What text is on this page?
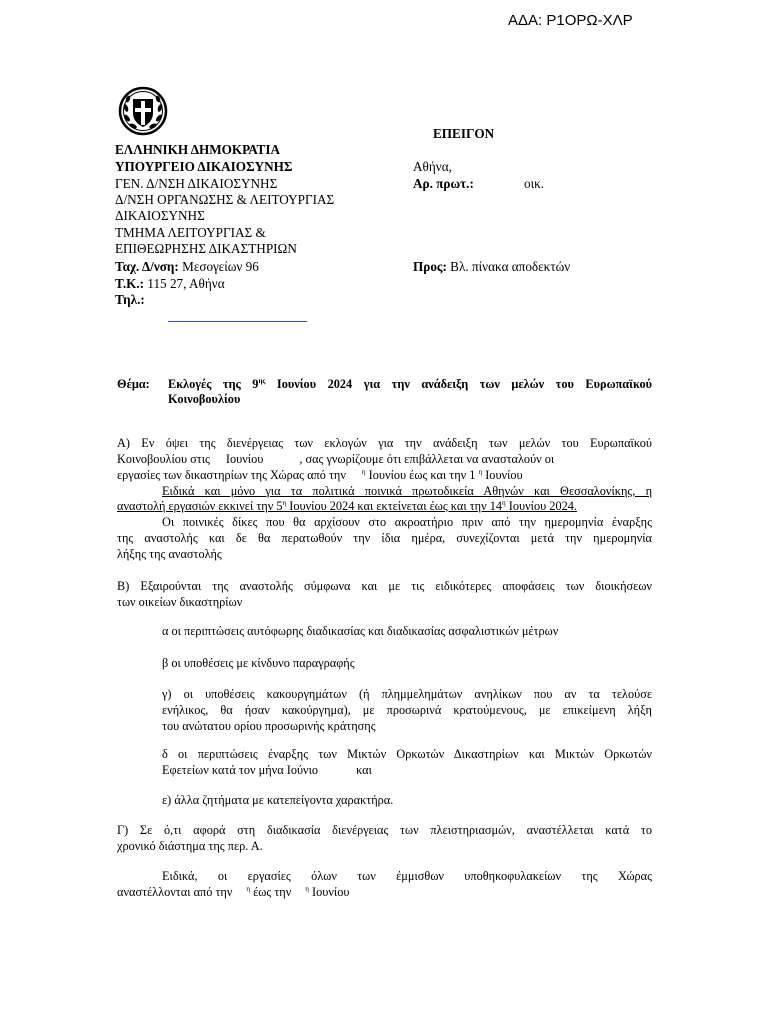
ΑΔΑ: Ρ1ΟΡΩ-ΧΛΡ
ΕΠΕΙΓΟΝ
Αθήνα,
Αρ. πρωτ.:	οικ.
Προς: Βλ. πίνακα αποδεκτών
ΕΛΛΗΝΙΚΗ ΔΗΜΟΚΡΑΤΙΑ
ΥΠΟΥΡΓΕΙΟ ΔΙΚΑΙΟΣΥΝΗΣ
ΓΕΝ. Δ/ΝΣΗ ΔΙΚΑΙΟΣΥΝΗΣ
Δ/ΝΣΗ ΟΡΓΑΝΩΣΗΣ & ΛΕΙΤΟΥΡΓΙΑΣ
ΔΙΚΑΙΟΣΥΝΗΣ
ΤΜΗΜΑ ΛΕΙΤΟΥΡΓΙΑΣ &
ΕΠΙΘΕΩΡΗΣΗΣ ΔΙΚΑΣΤΗΡΙΩΝ
Ταχ. Δ/νση: Μεσογείων 96
Τ.Κ.: 115 27, Αθήνα
Τηλ.:
Θέμα: Εκλογές της $9^{\eta\varsigma}$ Ιουνίου 2024 για την ανάδειξη των μελών του Ευρωπαϊκού
Κοινοβουλίου
Α) Εν όψει της διενέργειας των εκλογών για την ανάδειξη των μελών του Ευρωπαϊκού
Κοινοβουλίου στις Ιουνίου	, σας γνωρίζουμε ότι επιβάλλεται να ανασταλούν οι
εργασίες των δικαστηρίων της Χώρας από την $^\eta$ Ιουνίου έως και την 1 $^\eta$ Ιουνίου
Ειδικά και μόνο για τα πολιτικά ποινικά πρωτοδικεία Αθηνών και Θεσσαλονίκης, η
αναστολή εργασιών εκκινεί την $5^\eta$ Ιουνίου 2024 και εκτείνεται έως και την $14^\eta$ Ιουνίου 2024.
Οι ποινικές δίκες που θα αρχίσουν στο ακροατήριο πριν από την ημερομηνία έναρξης
της αναστολής και δε θα περατωθούν την ίδια ημέρα, συνεχίζονται μετά την ημερομηνία
λήξης της αναστολής
Β) Εξαιρούνται της αναστολής σύμφωνα και με τις ειδικότερες αποφάσεις των διοικήσεων
των οικείων δικαστηρίων
α οι περιπτώσεις αυτόφωρης διαδικασίας και διαδικασίας ασφαλιστικών μέτρων
β οι υποθέσεις με κίνδυνο παραγραφής
γ) οι υποθέσεις κακουργημάτων (ή πλημμελημάτων ανηλίκων που αν τα τελούσε
ενήλικος, θα ήσαν κακούργημα), με προσωρινά κρατούμενους, με επικείμενη λήξη
του ανώτατου ορίου προσωρινής κράτησης
δ οι περιπτώσεις έναρξης των Μικτών Ορκωτών Δικαστηρίων και Μικτών Ορκωτών
Εφετείων κατά τον μήνα Ιούνιο	και
ε) άλλα ζητήματα με κατεπείγοντα χαρακτήρα.
Γ) Σε ό,τι αφορά στη διαδικασία διενέργειας των πλειστηριασμών, αναστέλλεται κατά το
χρονικό διάστημα της περ. Α.
Ειδικά, οι εργασίες όλων των έμμισθων υποθηκοφυλακείων της Χώρας
αναστέλλονται από την $^\eta$ έως την $^\eta$ Ιουνίου
